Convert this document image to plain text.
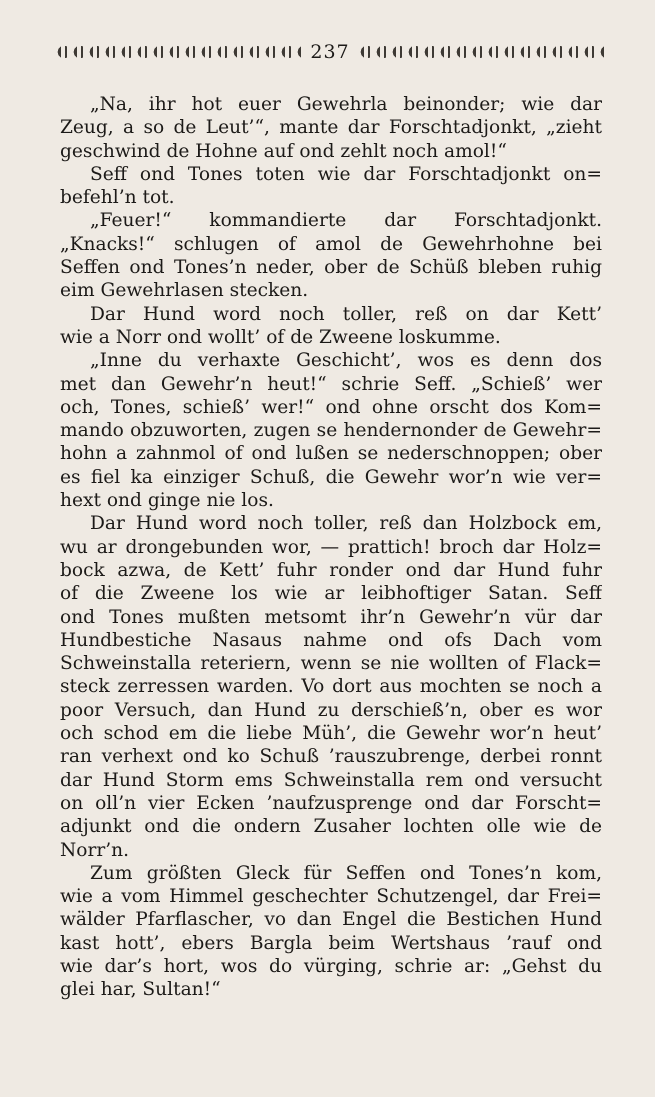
237
„Na, ihr hot euer Gewehrla beinonder; wie dar
Zeug, a so de Leut’“, mante dar Forschtadjonkt, „zieht
geschwind de Hohne auf ond zehlt noch amol!“
Seff ond Tones toten wie dar Forschtadjonkt on=
befehl’n tot.
„Feuer!“ kommandierte dar Forschtadjonkt.
„Knacks!“ schlugen of amol de Gewehrhohne bei
Seffen ond Tones’n neder, ober de Schüß bleben ruhig
eim Gewehrlasen stecken.
Dar Hund word noch toller, reß on dar Kett’
wie a Norr ond wollt’ of de Zweene loskumme.
„Inne du verhaxte Geschicht’, wos es denn dos
met dan Gewehr’n heut!“ schrie Seff. „Schieß’ wer
och, Tones, schieß’ wer!“ ond ohne orscht dos Kom=
mando obzuworten, zugen se hendernonder de Gewehr=
hohn a zahnmol of ond lußen se nederschnoppen; ober
es fiel ka einziger Schuß, die Gewehr wor’n wie ver=
hext ond ginge nie los.
Dar Hund word noch toller, reß dan Holzbock em,
wu ar drongebunden wor, — prattich! broch dar Holz=
bock azwa, de Kett’ fuhr ronder ond dar Hund fuhr
of die Zweene los wie ar leibhoftiger Satan. Seff
ond Tones mußten metsomt ihr’n Gewehr’n vür dar
Hundbestiche Nasaus nahme ond ofs Dach vom
Schweinstalla reteriern, wenn se nie wollten of Flack=
steck zerressen warden. Vo dort aus mochten se noch a
poor Versuch, dan Hund zu derschieß’n, ober es wor
och schod em die liebe Müh’, die Gewehr wor’n heut’
ran verhext ond ko Schuß ’rauszubrenge, derbei ronnt
dar Hund Storm ems Schweinstalla rem ond versucht
on oll’n vier Ecken ’naufzusprenge ond dar Forscht=
adjunkt ond die ondern Zusaher lochten olle wie de
Norr’n.
Zum größten Gleck für Seffen ond Tones’n kom,
wie a vom Himmel geschechter Schutzengel, dar Frei=
wälder Pfarflascher, vo dan Engel die Bestichen Hund
kast hott’, ebers Bargla beim Wertshaus ’rauf ond
wie dar’s hort, wos do vürging, schrie ar: „Gehst du
glei har, Sultan!“
